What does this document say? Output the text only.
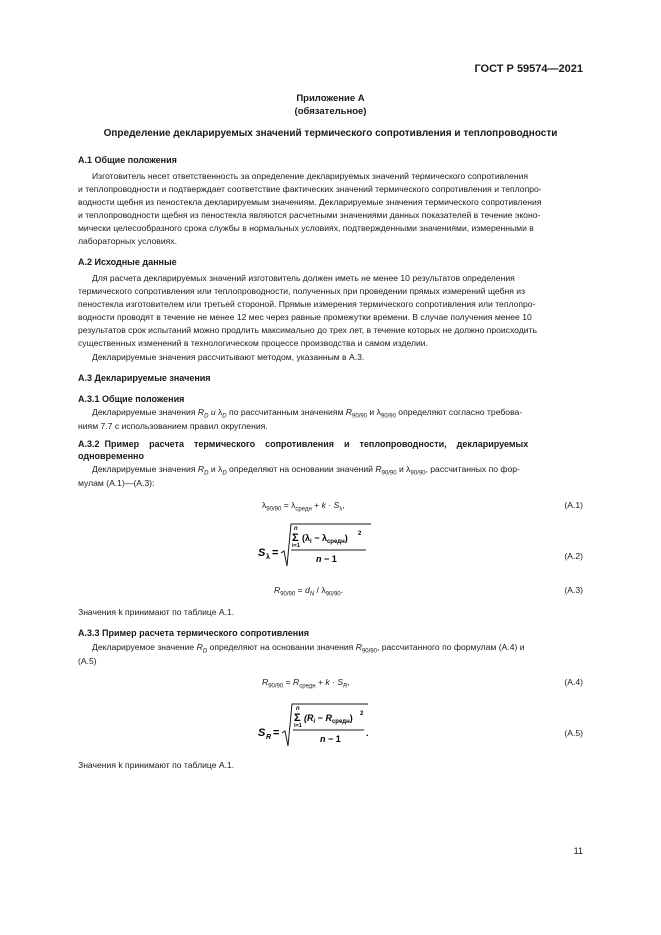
ГОСТ Р 59574—2021
Приложение А
(обязательное)
Определение декларируемых значений термического сопротивления и теплопроводности
А.1 Общие положения
Изготовитель несет ответственность за определение декларируемых значений термического сопротивления
и теплопроводности и подтверждает соответствие фактических значений термического сопротивления и теплопро-
водности щебня из пеностекла декларируемым значениям. Декларируемые значения термического сопротивления
и теплопроводности щебня из пеностекла являются расчетными значениями данных показателей в течение эконо-
мически целесообразного срока службы в нормальных условиях, подтвержденными значениями, измеренными в
лабораторных условиях.
А.2 Исходные данные
Для расчета декларируемых значений изготовитель должен иметь не менее 10 результатов определения
термического сопротивления или теплопроводности, полученных при проведении прямых измерений щебня из
пеностекла изготовителем или третьей стороной. Прямые измерения термического сопротивления или теплопро-
водности проводят в течение не менее 12 мес через равные промежутки времени. В случае получения менее 10
результатов срок испытаний можно продлить максимально до трех лет, в течение которых не должно происходить
существенных изменений в технологическом процессе производства и самом изделии.
Декларируемые значения рассчитывают методом, указанным в А.3.
А.3 Декларируемые значения
А.3.1 Общие положения
Декларируемые значения $R_D$ и $\lambda_D$ по рассчитанным значениям $R_{90/90}$ и $\lambda_{90/90}$ определяют согласно требова-
ниям 7.7 с использованием правил округления.
А.3.2  Пример    расчета    термического    сопротивления    и    теплопроводности,    декларируемых
одновременно
Декларируемые значения $R_D$ и $\lambda_D$ определяют на основании значений $R_{90/90}$ и $\lambda_{90/90}$, рассчитанных по фор-
мулам (А.1)—(А.3):
$\lambda_{90/90} = \lambda_{средн} + k \cdot S_\lambda$,	(А.1)
S λ =
n
Σ
i=1
$(\lambda_i - \lambda_{средн})$ 2
n − 1	(А.2)
$R_{90/90} = d_N / \lambda_{90/90}$.	(А.3)
Значения k принимают по таблице А.1.
А.3.3 Пример расчета термического сопротивления
Декларируемое значение $R_D$ определяют на основании значения $R_{90/90}$, рассчитанного по формулам (А.4) и
(А.5)
$R_{90/90} = R_{средн} + k \cdot S_R$,	(А.4)
S R =
n
Σ
i=1
$(R_i - R_{средн})$ 2
n − 1
.	(А.5)
Значения k принимают по таблице А.1.
11
